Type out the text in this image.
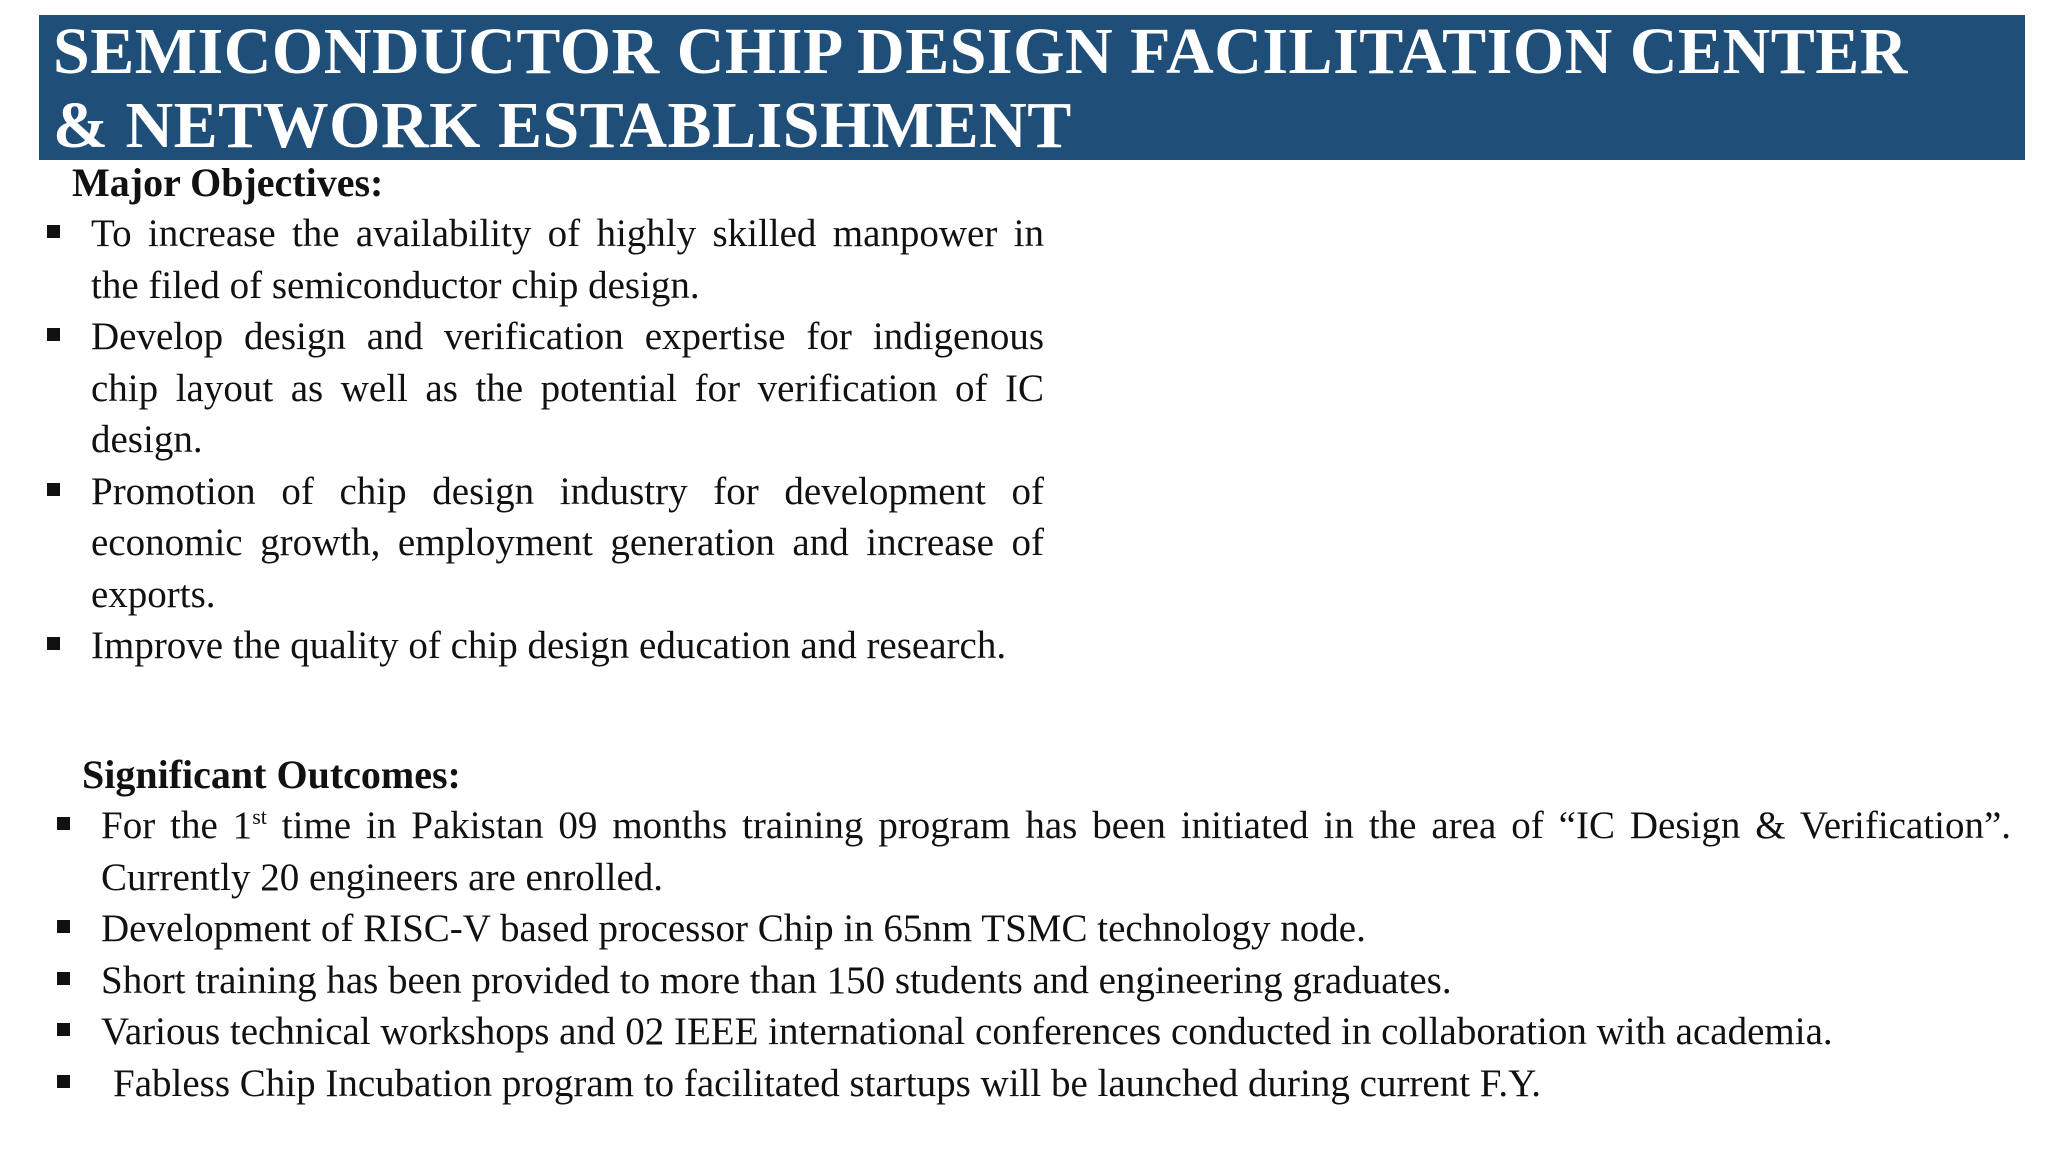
SEMICONDUCTOR CHIP DESIGN FACILITATION CENTER
& NETWORK ESTABLISHMENT
Major Objectives:
To increase the availability of highly skilled manpower in the filed of semiconductor chip design.
Develop design and verification expertise for indigenous chip layout as well as the potential for verification of IC design.
Promotion of chip design industry for development of economic growth, employment generation and increase of exports.
Improve the quality of chip design education and research.
Significant Outcomes:
For the 1st time in Pakistan 09 months training program has been initiated in the area of “IC Design & Verification”. Currently 20 engineers are enrolled.
Development of RISC-V based processor Chip in 65nm TSMC technology node.
Short training has been provided to more than 150 students and engineering graduates.
Various technical workshops and 02 IEEE international conferences conducted in collaboration with academia.
Fabless Chip Incubation program to facilitated startups will be launched during current F.Y.
